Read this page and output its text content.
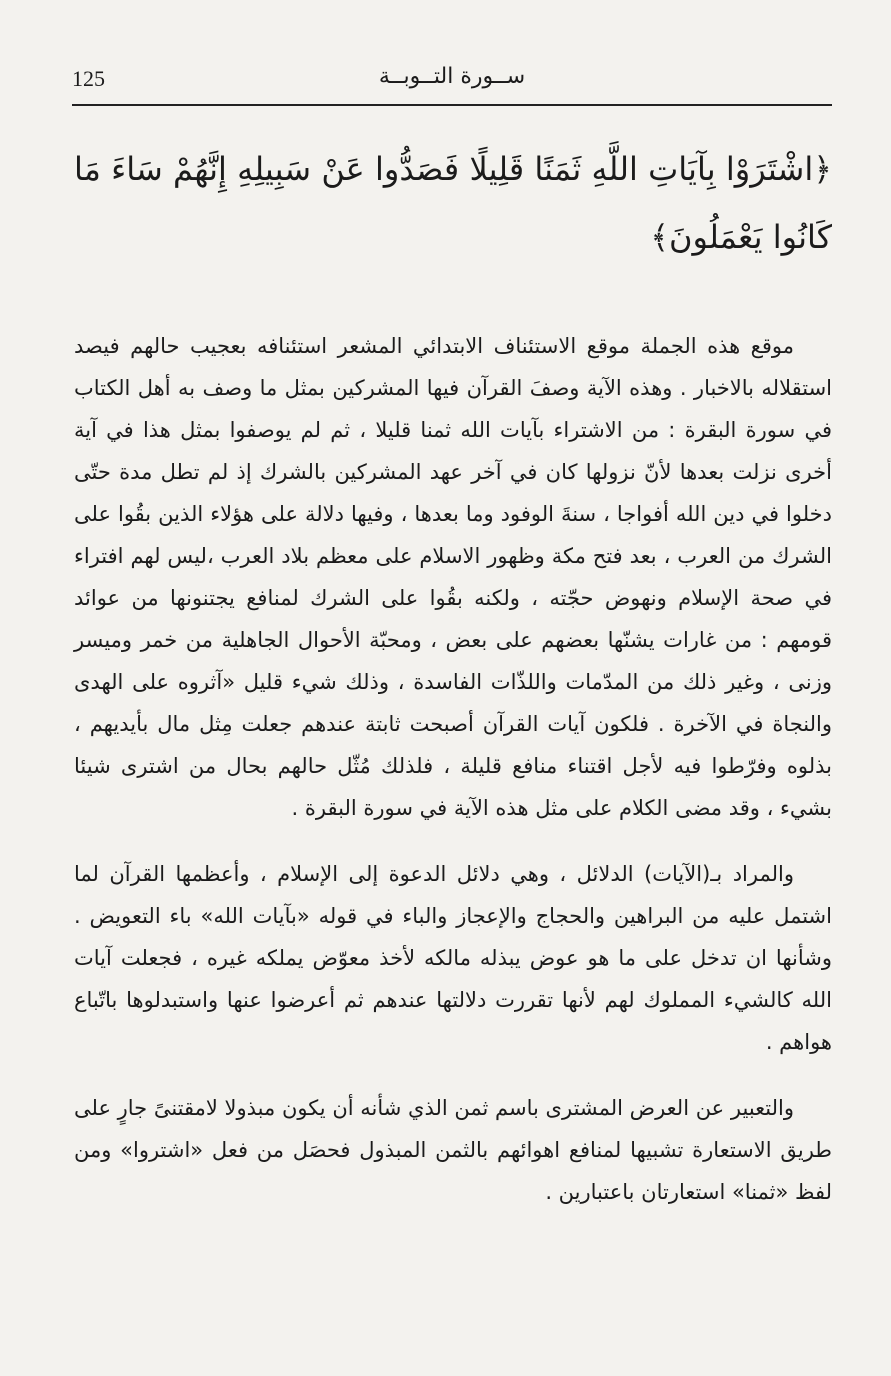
125	ســورة التــوبــة
﴿اشْتَرَوْا بِآيَاتِ اللَّهِ ثَمَنًا قَلِيلًا فَصَدُّوا عَنْ سَبِيلِهِ إِنَّهُمْ سَاءَ مَا كَانُوا يَعْمَلُونَ﴾

موقع هذه الجملة موقع الاستئناف الابتدائي المشعر استئنافه بعجيب حالهم فيصد استقلاله بالاخبار . وهذه الآية وصفَ القرآن فيها المشركين بمثل ما وصف به أهل الكتاب في سورة البقرة : من الاشتراء بآيات الله ثمنا قليلا ، ثم لم يوصفوا بمثل هذا في آية أخرى نزلت بعدها لأنّ نزولها كان في آخر عهد المشركين بالشرك إذ لم تطل مدة حتّى دخلوا في دين الله أفواجا ، سنةَ الوفود وما بعدها ، وفيها دلالة على هؤلاء الذين بقُوا على الشرك من العرب ، بعد فتح مكة وظهور الاسلام على معظم بلاد العرب ،ليس لهم افتراء في صحة الإسلام ونهوض حجّته ، ولكنه بقُوا على الشرك لمنافع يجتنونها من عوائد قومهم : من غارات يشنّها بعضهم على بعض ، ومحبّة الأحوال الجاهلية من خمر وميسر وزنى ، وغير ذلك من المدّمات واللذّات الفاسدة ، وذلك شيء قليل «آثروه على الهدى والنجاة في الآخرة . فلكون آيات القرآن أصبحت ثابتة عندهم جعلت مِثل مال بأيديهم ، بذلوه وفرّطوا فيه لأجل اقتناء منافع قليلة ، فلذلك مُثّل حالهم بحال من اشترى شيئا بشيء ، وقد مضى الكلام على مثل هذه الآية في سورة البقرة .

والمراد بـ(الآيات) الدلائل ، وهي دلائل الدعوة إلى الإسلام ، وأعظمها القرآن لما اشتمل عليه من البراهين والحجاج والإعجاز والباء في قوله «بآيات الله» باء التعويض . وشأنها ان تدخل على ما هو عوض يبذله مالكه لأخذ معوّض يملكه غيره ، فجعلت آيات الله كالشيء المملوك لهم لأنها تقررت دلالتها عندهم ثم أعرضوا عنها واستبدلوها باتّباع هواهم .

والتعبير عن العرض المشترى باسم ثمن الذي شأنه أن يكون مبذولا لامقتنىً جارٍ على طريق الاستعارة تشبيها لمنافع اهوائهم بالثمن المبذول فحصَل من فعل «اشتروا» ومن لفظ «ثمنا» استعارتان باعتبارين .
